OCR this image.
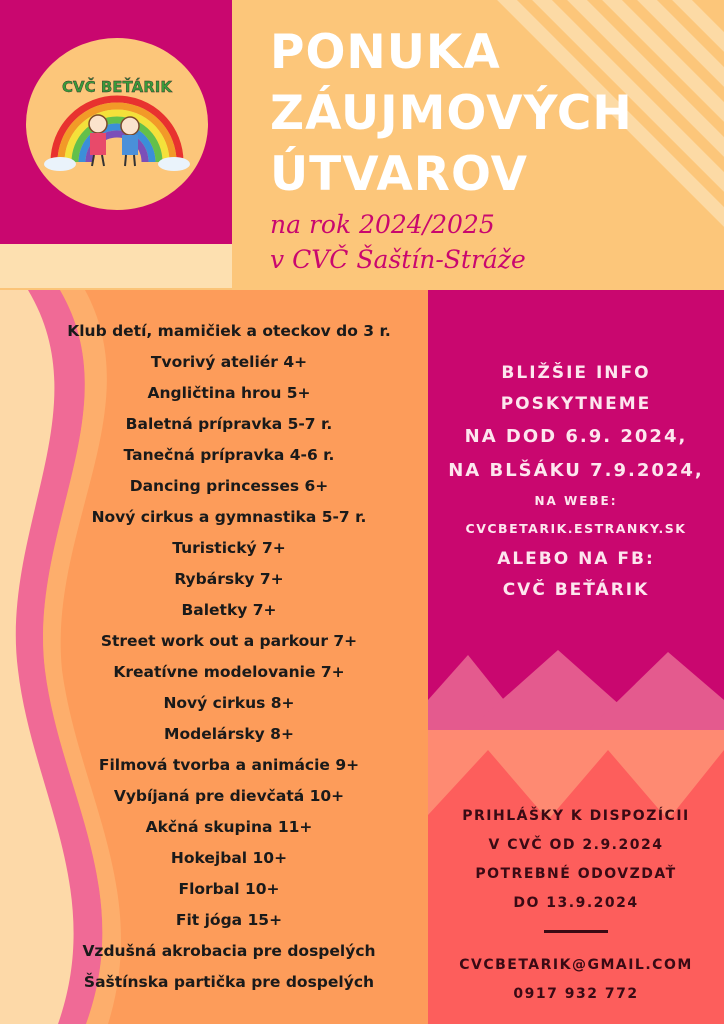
CVČ BEŤÁRIK
PONUKA
ZÁUJMOVÝCH
ÚTVAROV
na rok 2024/2025
v CVČ Šaštín-Stráže
Klub detí, mamičiek a oteckov do 3 r.
Tvorivý ateliér 4+
Angličtina hrou 5+
Baletná prípravka 5-7 r.
Tanečná prípravka 4-6 r.
Dancing princesses 6+
Nový cirkus a gymnastika 5-7 r.
Turistický 7+
Rybársky 7+
Baletky 7+
Street work out a parkour 7+
Kreatívne modelovanie 7+
Nový cirkus 8+
Modelársky 8+
Filmová tvorba a animácie 9+
Vybíjaná pre dievčatá 10+
Akčná skupina 11+
Hokejbal 10+
Florbal 10+
Fit jóga 15+
Vzdušná akrobacia pre dospelých
Šaštínska partička pre dospelých
BLIŽŠIE INFO
POSKYTNEME
NA DOD 6.9. 2024,
NA BLŠÁKU 7.9.2024,
NA WEBE:
CVCBETARIK.ESTRANKY.SK
ALEBO NA FB:
CVČ BEŤÁRIK
PRIHLÁŠKY K DISPOZÍCII
V CVČ OD 2.9.2024
POTREBNÉ ODOVZDAŤ
DO 13.9.2024
CVCBETARIK@GMAIL.COM
0917 932 772
